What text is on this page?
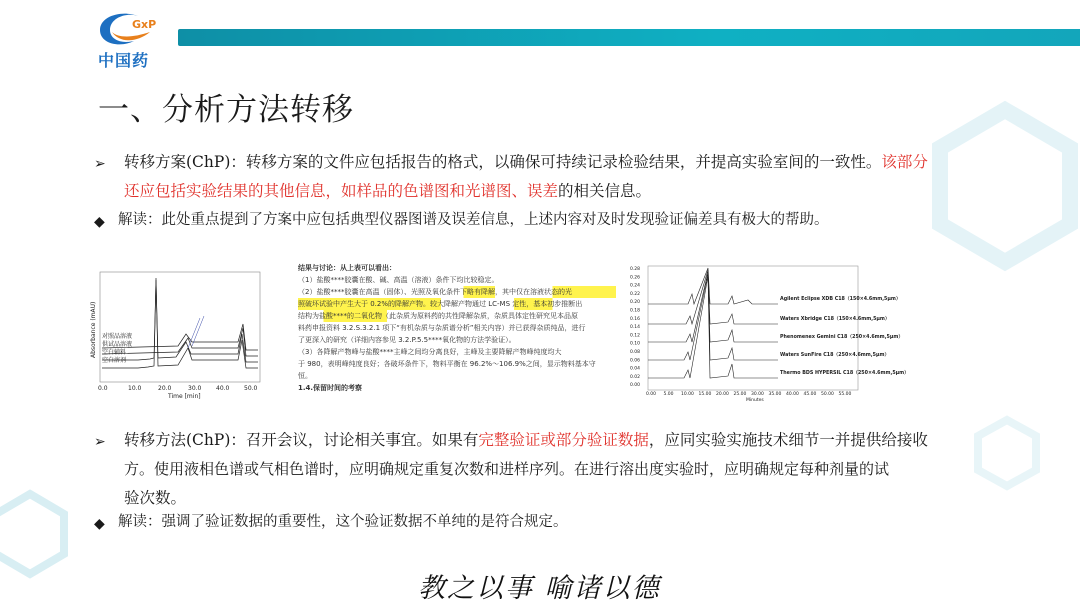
GxP
中国药
一、分析方法转移
➢ 转移方案(ChP)：转移方案的文件应包括报告的格式，以确保可持续记录检验结果，并提高实验室间的一致性。该部分
还应包括实验结果的其他信息，如样品的色谱图和光谱图、误差的相关信息。
◆ 解读：此处重点提到了方案中应包括典型仪器图谱及误差信息，上述内容对及时发现验证偏差具有极大的帮助。
Absorbance (mAU) 对照品溶液
供试品溶液
空白辅料
空白溶剂
0.0	10.0	20.0	30.0 40.0 50.0
Time [min]
结果与讨论：从上表可以看出：
（1）盐酸****胶囊在酸、碱、高温（溶液）条件下均比较稳定。
（2）盐酸****胶囊在高温（固体）、光照及氧化条件下略有降解，其中仅在溶液状态的光
照破坏试验中产生大于 0.2%的降解产物。较大降解产物通过 LC-MS 定性，基本初步推断出
结构为盐酸****的二氧化物（此杂质为原料药的共性降解杂质，杂质具体定性研究见本品原
料药申报资料 3.2.S.3.2.1 项下“有机杂质与杂质谱分析”相关内容）并已获得杂质纯品，进行
了更深入的研究（详细内容参见 3.2.P.5.5****氧化物的方法学验证）。
（3）各降解产物峰与盐酸****主峰之间均分离良好，主峰及主要降解产物峰纯度均大
于 980，表明峰纯度良好；各破坏条件下，物料平衡在 96.2%～106.9%之间，显示物料基本守
恒。
1.4.保留时间的考察
0.28
0.26
0.24
0.22
0.20
0.18
0.16
0.14
0.12
0.10
0.08
0.06
0.04
0.02
0.00
Agilent Eclipse XDB C18（150×4.6mm,5μm）
Waters Xbridge C18（150×4.6mm,5μm）
Phenomenex Gemini C18（250×4.6mm,5μm）
Waters SunFire C18（250×4.6mm,5μm）
Thermo BDS HYPERSIL C18（250×4.6mm,5μm）
0.00 5.00 10.00 15.00 20.00 25.00 30.00 35.00 40.00 45.00 50.00 55.00
Minutes
➢ 转移方法(ChP)：召开会议，讨论相关事宜。如果有完整验证或部分验证数据，应同实验实施技术细节一并提供给接收
方。使用液相色谱或气相色谱时，应明确规定重复次数和进样序列。在进行溶出度实验时，应明确规定每种剂量的试
验次数。
◆ 解读：强调了验证数据的重要性，这个验证数据不单纯的是符合规定。
教之以事 喻诸以德
